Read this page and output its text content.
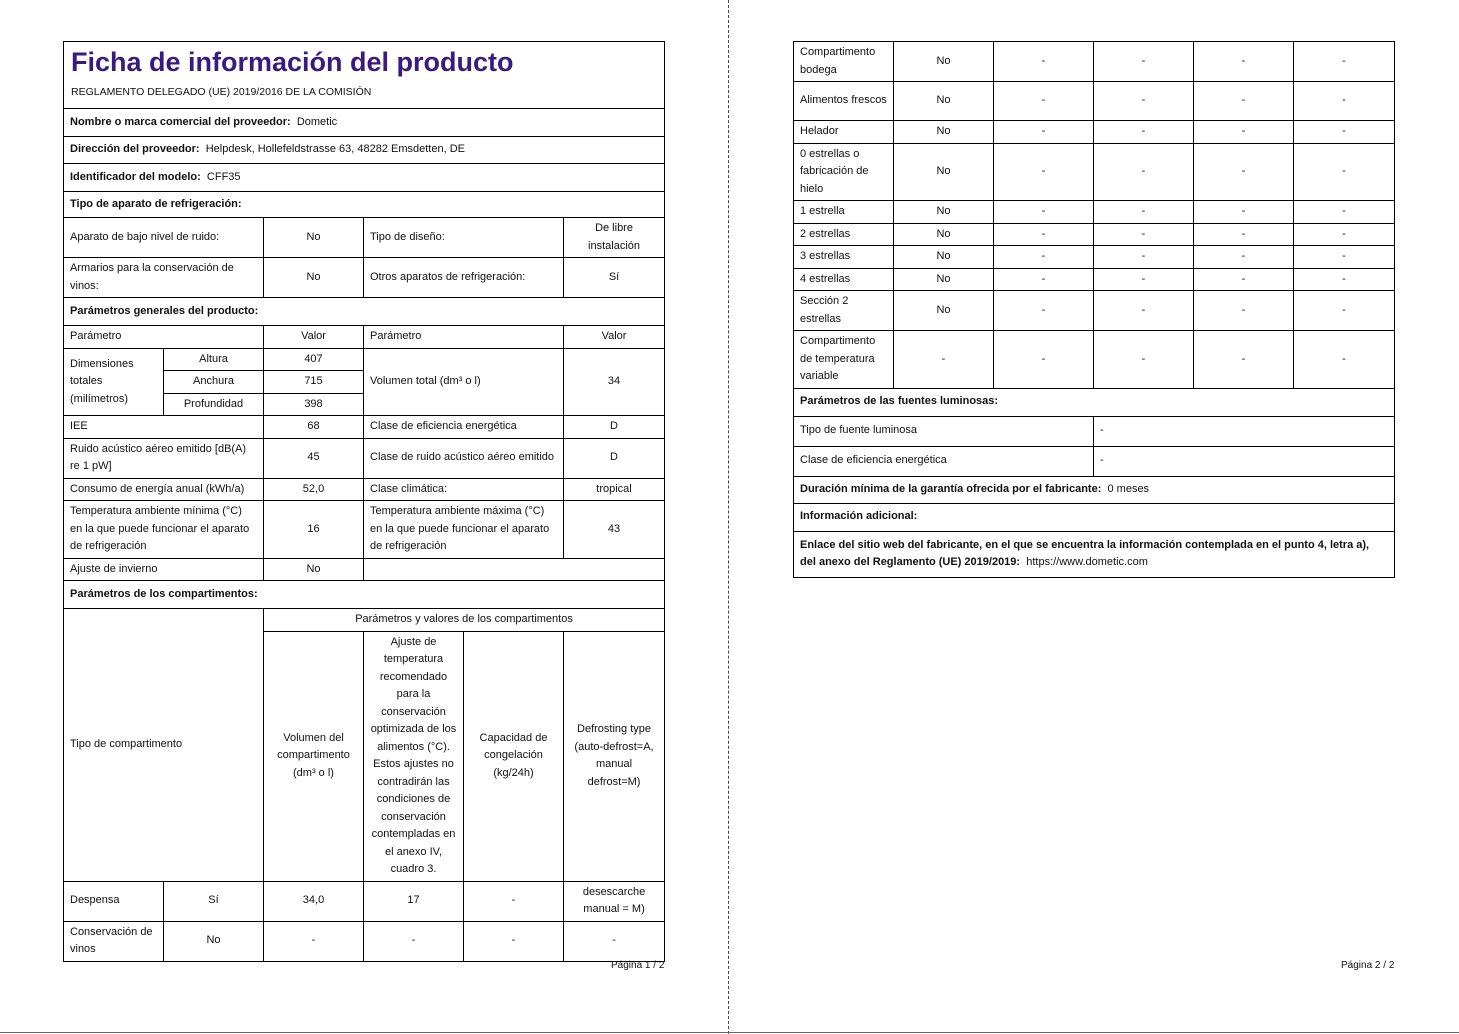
Ficha de información del producto
REGLAMENTO DELEGADO (UE) 2019/2016 DE LA COMISIÓN					

Nombre o marca comercial del proveedor: Dometic					
Dirección del proveedor: Helpdesk, Hollefeldstrasse 63, 48282 Emsdetten, DE					
Identificador del modelo: CFF35					
Tipo de aparato de refrigeración:					
Aparato de bajo nivel de ruido:		No	Tipo de diseño:		De libre instalación
Armarios para la conservación de vinos:		No	Otros aparatos de refrigeración:		Sí
Parámetros generales del producto:					
Parámetro		Valor	Parámetro		Valor
Dimensiones totales (milímetros)	Altura	407	Volumen total (dm³ o l)		34
	Anchura	715			
	Profundidad	398			
IEE		68	Clase de eficiencia energética		D
Ruido acústico aéreo emitido [dB(A) re 1 pW]		45	Clase de ruido acústico aéreo emitido		D
Consumo de energía anual (kWh/a)		52,0	Clase climática:		tropical
Temperatura ambiente mínima (°C) en la que puede funcionar el aparato de refrigeración		16	Temperatura ambiente máxima (°C) en la que puede funcionar el aparato de refrigeración		43
Ajuste de invierno		No			
Parámetros de los compartimentos:					
Tipo de compartimento		Parámetros y valores de los compartimentos			
		Volumen del compartimento (dm³ o l)	Ajuste de temperatura recomendado para la conservación optimizada de los alimentos (°C). Estos ajustes no contradirán las condiciones de conservación contempladas en el anexo IV, cuadro 3.	Capacidad de congelación (kg/24h)	Defrosting type (auto-defrost=A, manual defrost=M)
Despensa	Sí	34,0	17	-	desescarche manual = M)
Conservación de vinos	No	-	-	-	-
Página 1 / 2
Compartimento bodega	No	-	-	-	-
Alimentos frescos	No	-	-	-	-
Helador	No	-	-	-	-
0 estrellas o fabricación de hielo	No	-	-	-	-
1 estrella	No	-	-	-	-
2 estrellas	No	-	-	-	-
3 estrellas	No	-	-	-	-
4 estrellas	No	-	-	-	-
Sección 2 estrellas	No	-	-	-	-
Compartimento de temperatura variable	-	-	-	-	-
Parámetros de las fuentes luminosas:					
Tipo de fuente luminosa			-		
Clase de eficiencia energética			-		
Duración mínima de la garantía ofrecida por el fabricante: 0 meses					
Información adicional:					
Enlace del sitio web del fabricante, en el que se encuentra la información contemplada en el punto 4, letra a), del anexo del Reglamento (UE) 2019/2019: https://www.dometic.com					
Página 2 / 2
